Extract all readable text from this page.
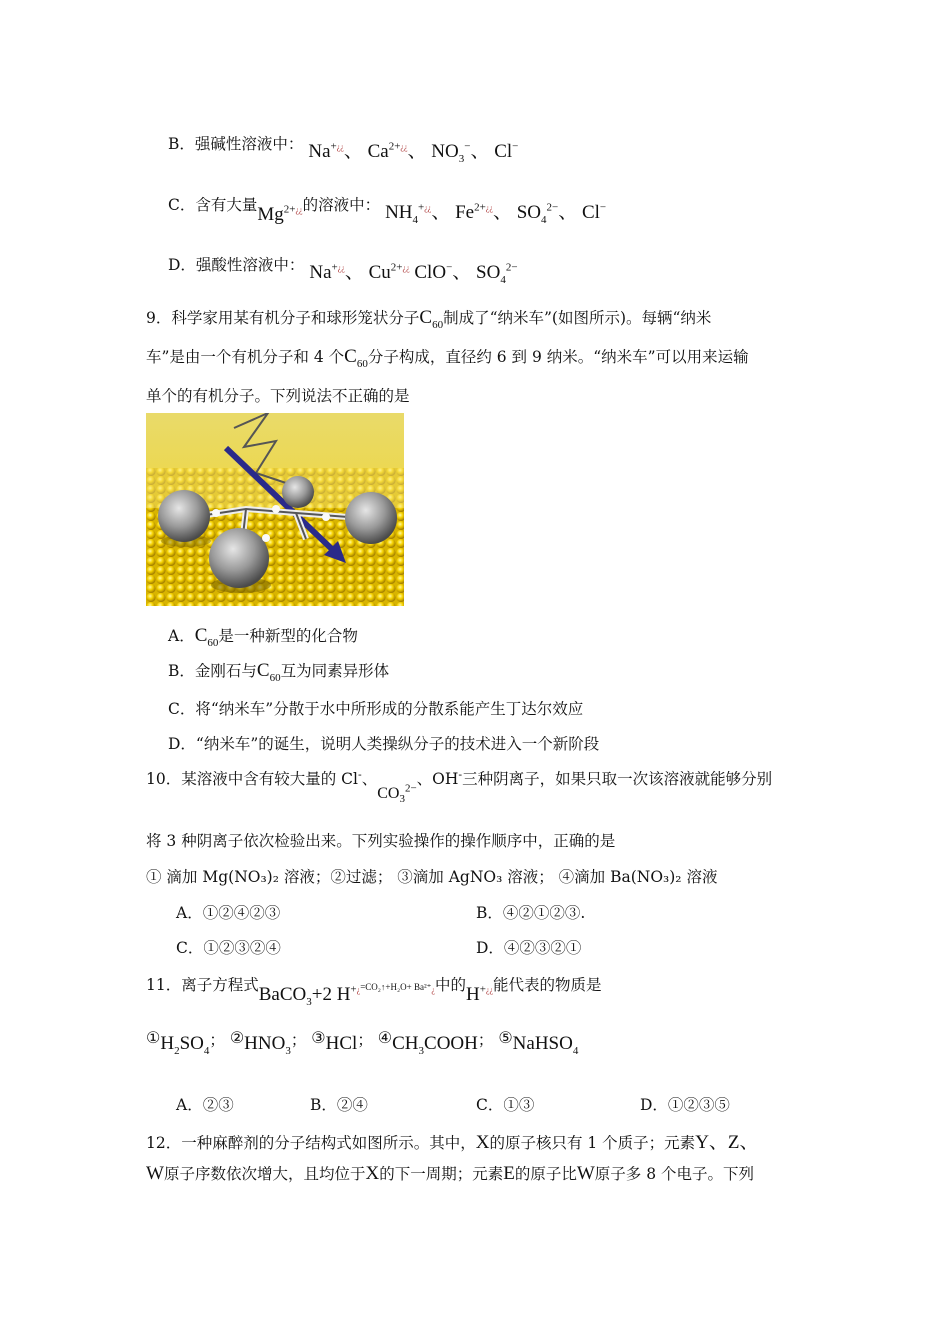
B．强碱性溶液中： Na+¿¿、 $Ca^{2+¿¿}$、 $NO_3^-$、 Cl−
C．含有大量$Mg^{2+¿¿}$的溶液中： $NH_4^{+¿¿}$、 $Fe^{2+¿¿}$、 $SO_4^{2-}$、 Cl−
D．强酸性溶液中： Na+¿¿、 $Cu^{2+¿¿}$ ClO−、 $SO_4^{2-}$
9．科学家用某有机分子和球形笼状分子$C_{60}$制成了“纳米车”(如图所示)。每辆“纳米
车”是由一个有机分子和 4 个$C_{60}$分子构成，直径约 6 到 9 纳米。“纳米车”可以用来运输
单个的有机分子。下列说法不正确的是
A．$C_{60}$是一种新型的化合物
B．金刚石与$C_{60}$互为同素异形体
C．将“纳米车”分散于水中所形成的分散系能产生丁达尔效应
D．“纳米车”的诞生，说明人类操纵分子的技术进入一个新阶段
10．某溶液中含有较大量的 Cl-、$CO_3^{2-}$、OH-三种阴离子，如果只取一次该溶液就能够分别
将 3 种阴离子依次检验出来。下列实验操作的操作顺序中，正确的是
① 滴加 Mg(NO₃)₂ 溶液；②过滤； ③滴加 AgNO₃ 溶液； ④滴加 Ba(NO₃)₂ 溶液
A．①②④②③	B．④②①②③.
C．①②③②④	D．④②③②①
11．离子方程式BaCO$_3$+2 $H^{+¿=CO_2↑+H_2O+ Ba^{2+}¿}$中的H+¿¿能代表的物质是
$^①H_2SO_4$； $^②HNO_3$； ③HCl； $^④CH_3COOH$； ⑤NaHSO$_4$
A．②③	B．②④	C．①③	D．①②③⑤
12．一种麻醉剂的分子结构式如图所示。其中，X的原子核只有 1 个质子；元素Y、Z、
W原子序数依次增大，且均位于X的下一周期；元素E的原子比W原子多 8 个电子。下列
